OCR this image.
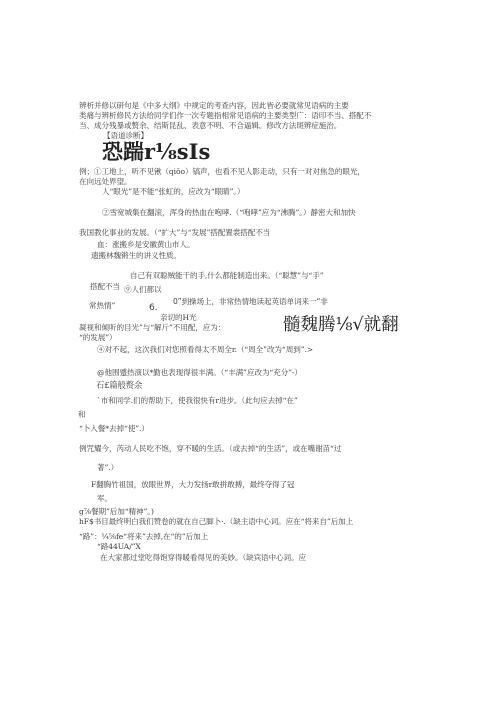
辨析并修以研句是《中多大纲》中规定的考查内容，因此皆必要就常见语病的主要
类痛与辨析修民方法给同学们作一次专题指相常见语病的主要类型广：语印不当、搭配不
当、成分残暴或赘余、结斯昆乱、表意不明、不合逼辑。修改方法斑辨症施治。
【语道诊断】
恐踹r⅛sIs
例；①工地上，听不见锹（qiǒo）镐声，也看不见人影走动，只有一对对焦急的眼光，
在向远处界望。
人“眼光”是不能“张虹的，应改为“眼睛”。）
②雪宽城集在翻滚，浑身的热血在咆哮.（“咆哮”应为“沸腾”。）静密大和加快
我国教化事业的发展。（“扩大”与“发展”搭配置裳搭配不当
血：涨搬乡是安徽黄山市人。
遗搬林魏锵生的讲义性质。
自己有双聪贼能干的手,什么都能制造出来。（“聪慧”与“手”
搭配不当 ⑨人们都以
常热情”	0”到操场上，非常热情地读起英语单词来一“非
6.
亲切的H光
凝视和倾听的目光”与“解斤”不用配，应为：	髓魏腾⅛√就翻
“的发展”）
④对不起，这次我们对您照看得太不周全r.（“周全”改为“周到”.>
@他围蹙热演以*勤也表现得很丰满。（“丰满”应改为“充分”-）
石£篇般赘余
`市和同学.们的帮助下，使我很快有r进步。（此句应去掉“在”
和
“卜入餐*去掉“使”.）
例咒耀今，芮动人民吃不饱，穿不暖的生活。（或去掉“的生活”，或在嘴谢苗“过
著”.）
F翻胸竹祖国，放眼世界，大力发扬r敢拼敢搏，最终夺得了冠
军。
g⅞餐期”后加“精神”。)
hF$书目最终明白我们赞卷的就在自己脚卜·.（缺主语中心词。应在“将来自”后加上
“路”：¼⅝fe“将来”去掉,在“的”后加上
“路44UA/”X
在大家都过堂吃得饱穿得暖看得见的美妙。（缺宾语中心词。应
